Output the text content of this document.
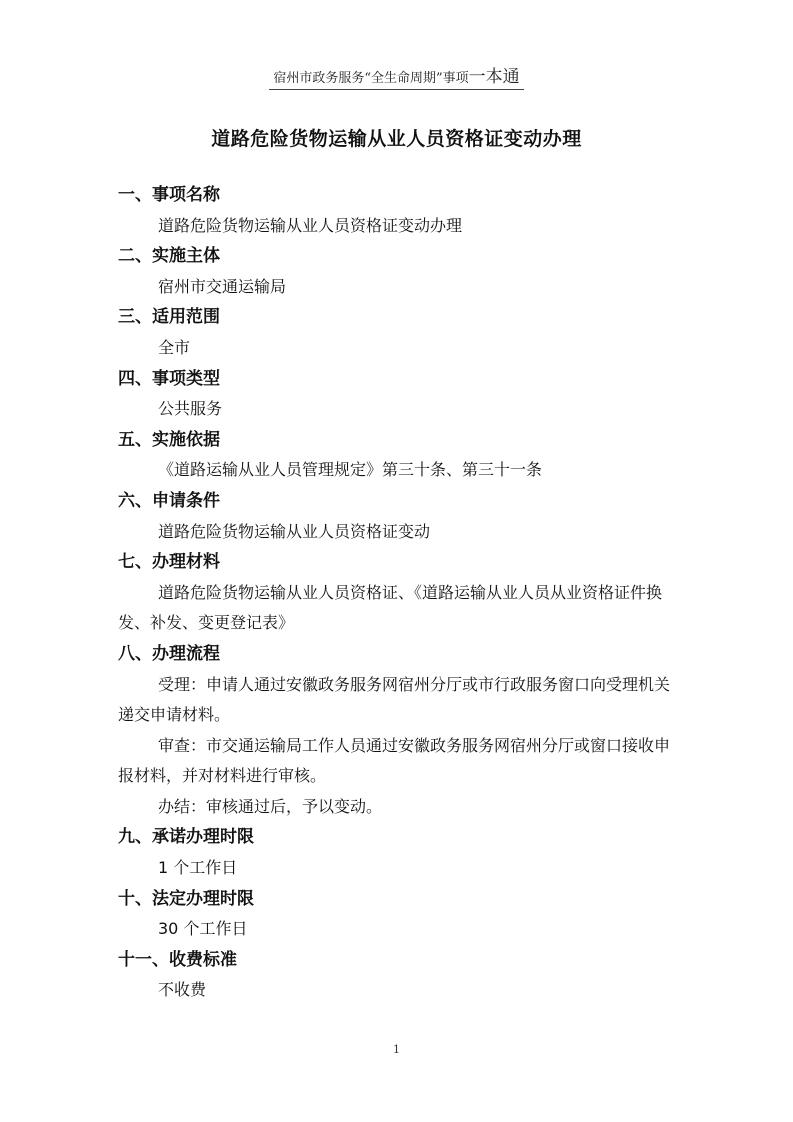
宿州市政务服务“全生命周期”事项一本通
道路危险货物运输从业人员资格证变动办理
一、事项名称
道路危险货物运输从业人员资格证变动办理
二、实施主体
宿州市交通运输局
三、适用范围
全市
四、事项类型
公共服务
五、实施依据
《道路运输从业人员管理规定》第三十条、第三十一条
六、申请条件
道路危险货物运输从业人员资格证变动
七、办理材料
道路危险货物运输从业人员资格证、《道路运输从业人员从业资格证件换发、补发、变更登记表》
八、办理流程
受理：申请人通过安徽政务服务网宿州分厅或市行政服务窗口向受理机关递交申请材料。
审查：市交通运输局工作人员通过安徽政务服务网宿州分厅或窗口接收申报材料，并对材料进行审核。
办结：审核通过后，予以变动。
九、承诺办理时限
1 个工作日
十、法定办理时限
30 个工作日
十一、收费标准
不收费
1
